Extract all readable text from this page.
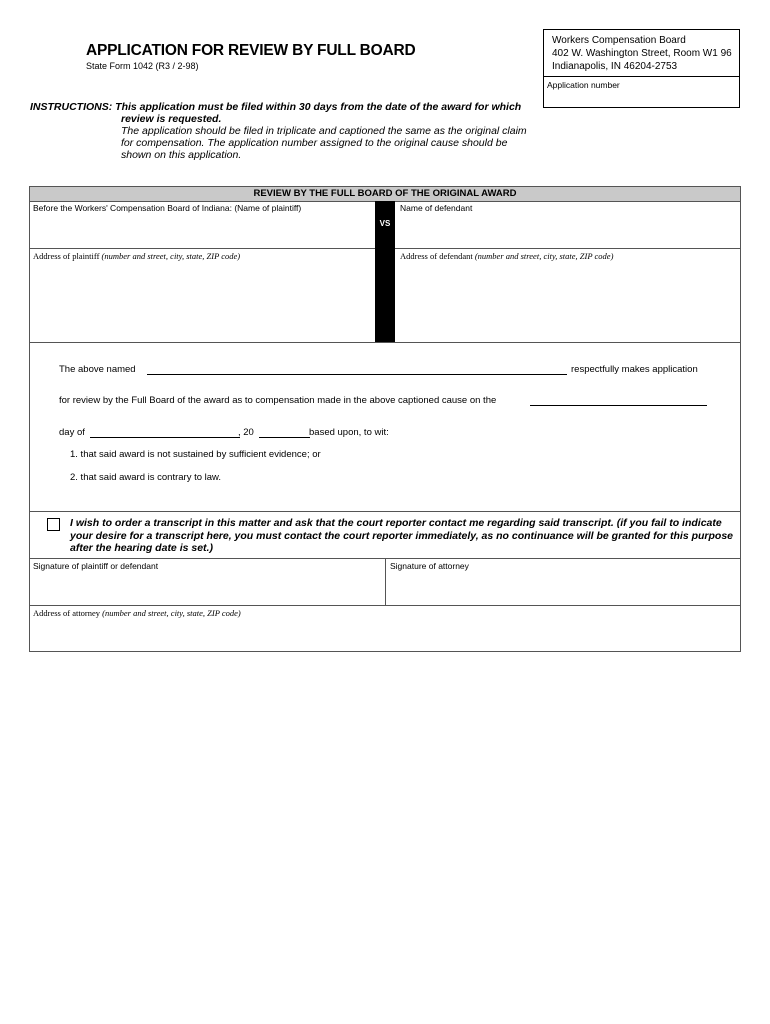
APPLICATION FOR REVIEW BY FULL BOARD
State Form 1042 (R3 / 2-98)
Workers Compensation Board
402 W. Washington Street, Room W1 96
Indianapolis, IN 46204-2753
Application number
INSTRUCTIONS: This application must be filed within 30 days from the date of the award for which
review is requested.
The application should be filed in triplicate and captioned the same as the original claim
for compensation. The application number assigned to the original cause should be
shown on this application.
REVIEW BY THE FULL BOARD OF THE ORIGINAL AWARD
Before the Workers' Compensation Board of Indiana: (Name of plaintiff)	Name of defendant
VS
Address of plaintiff (number and street, city, state, ZIP code)	Address of defendant (number and street, city, state, ZIP code)
The above named	respectfully makes application
for review by the Full Board of the award as to compensation made in the above captioned cause on the
day of	, 20	based upon, to wit:
1. that said award is not sustained by sufficient evidence; or
2. that said award is contrary to law.
I wish to order a transcript in this matter and ask that the court reporter contact me regarding said transcript. (if you fail to indicate your desire for a transcript here, you must contact the court reporter immediately, as no continuance will be granted for this purpose after the hearing date is set.)
Signature of plaintiff or defendant	Signature of attorney
Address of attorney (number and street, city, state, ZIP code)
